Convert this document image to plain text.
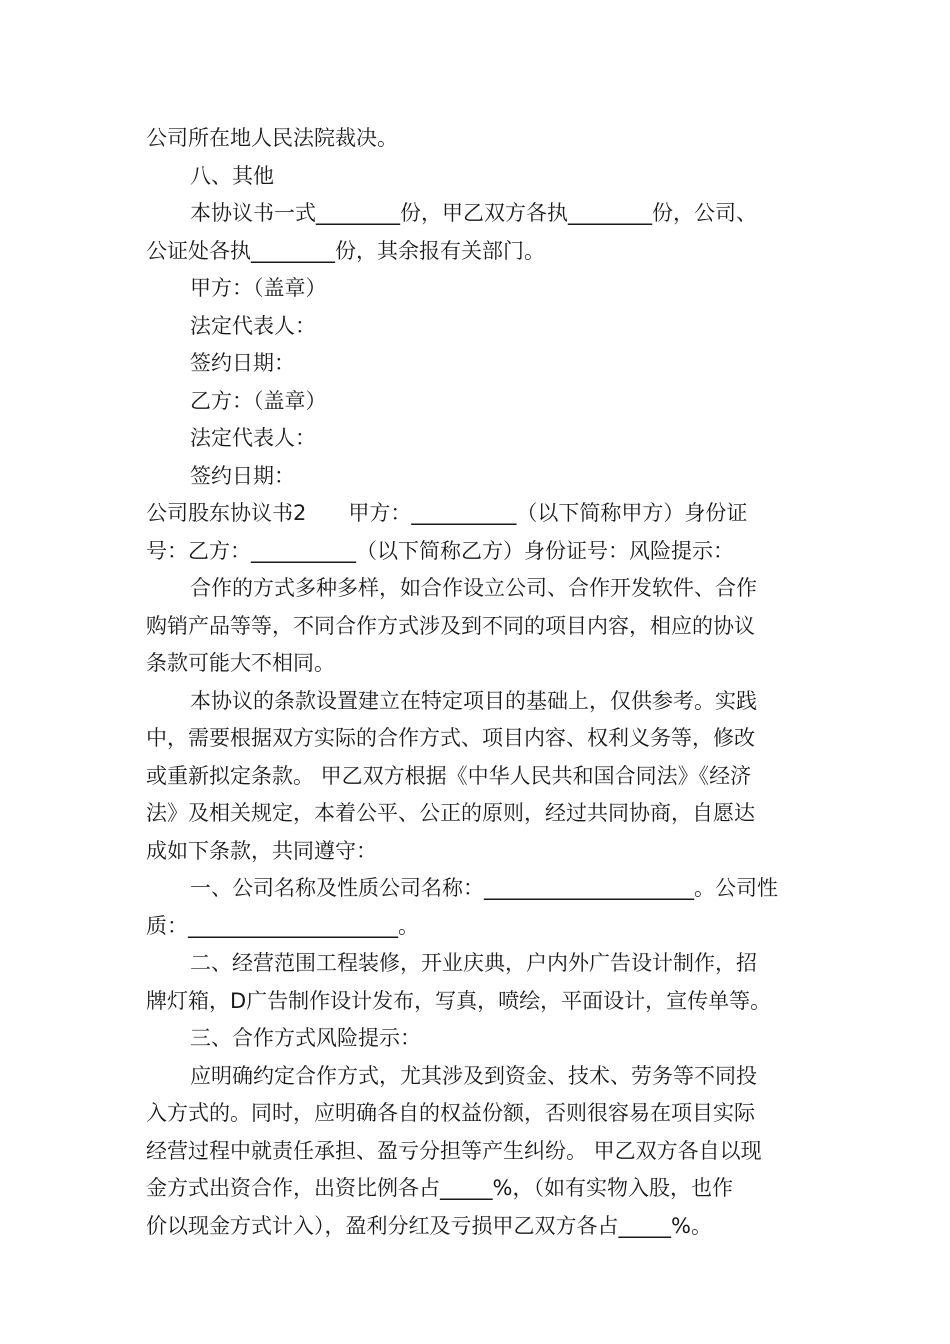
公司所在地人民法院裁决。
八、其他
本协议书一式________份，甲乙双方各执________份，公司、
公证处各执________份，其余报有关部门。
甲方：（盖章）
法定代表人：
签约日期：
乙方：（盖章）
法定代表人：
签约日期：
公司股东协议书2　　甲方：__________（以下简称甲方）身份证
号：乙方：__________（以下简称乙方）身份证号：风险提示：
合作的方式多种多样，如合作设立公司、合作开发软件、合作
购销产品等等，不同合作方式涉及到不同的项目内容，相应的协议
条款可能大不相同。
本协议的条款设置建立在特定项目的基础上，仅供参考。实践
中，需要根据双方实际的合作方式、项目内容、权利义务等，修改
或重新拟定条款。 甲乙双方根据《中华人民共和国合同法》《经济
法》及相关规定，本着公平、公正的原则，经过共同协商，自愿达
成如下条款，共同遵守：
一、公司名称及性质公司名称：____________________。公司性
质：____________________。
二、经营范围工程装修，开业庆典，户内外广告设计制作，招
牌灯箱，D广告制作设计发布，写真，喷绘，平面设计，宣传单等。
三、合作方式风险提示：
应明确约定合作方式，尤其涉及到资金、技术、劳务等不同投
入方式的。同时，应明确各自的权益份额，否则很容易在项目实际
经营过程中就责任承担、盈亏分担等产生纠纷。 甲乙双方各自以现
金方式出资合作，出资比例各占_____%，（如有实物入股，也作
价以现金方式计入），盈利分红及亏损甲乙双方各占_____%。
